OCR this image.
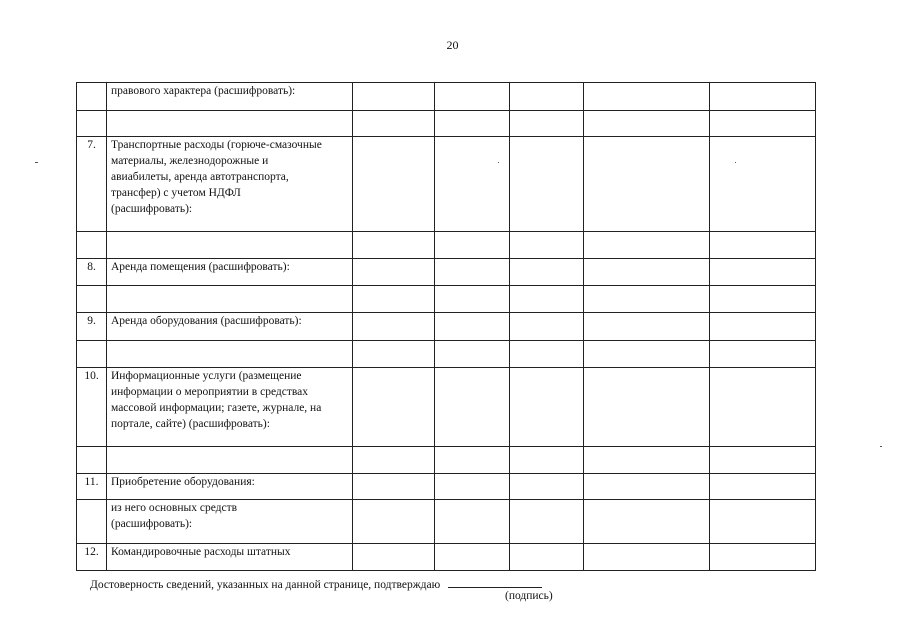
20
	правового характера (расшифровать):					

7.	Транспортные расходы (горюче-смазочные
материалы, железнодорожные и
авиабилеты, аренда автотранспорта,
трансфер) с учетом НДФЛ
(расшифровать):					

8.	Аренда помещения (расшифровать):					

9.	Аренда оборудования (расшифровать):					

10.	Информационные услуги (размещение
информации о мероприятии в средствах
массовой информации; газете, журнале, на
портале, сайте) (расшифровать):					

11.	Приобретение оборудования:					
	из него основных средств
(расшифровать):					
12.	Командировочные расходы штатных					
Достоверность сведений, указанных на данной странице, подтверждаю
(подпись)
